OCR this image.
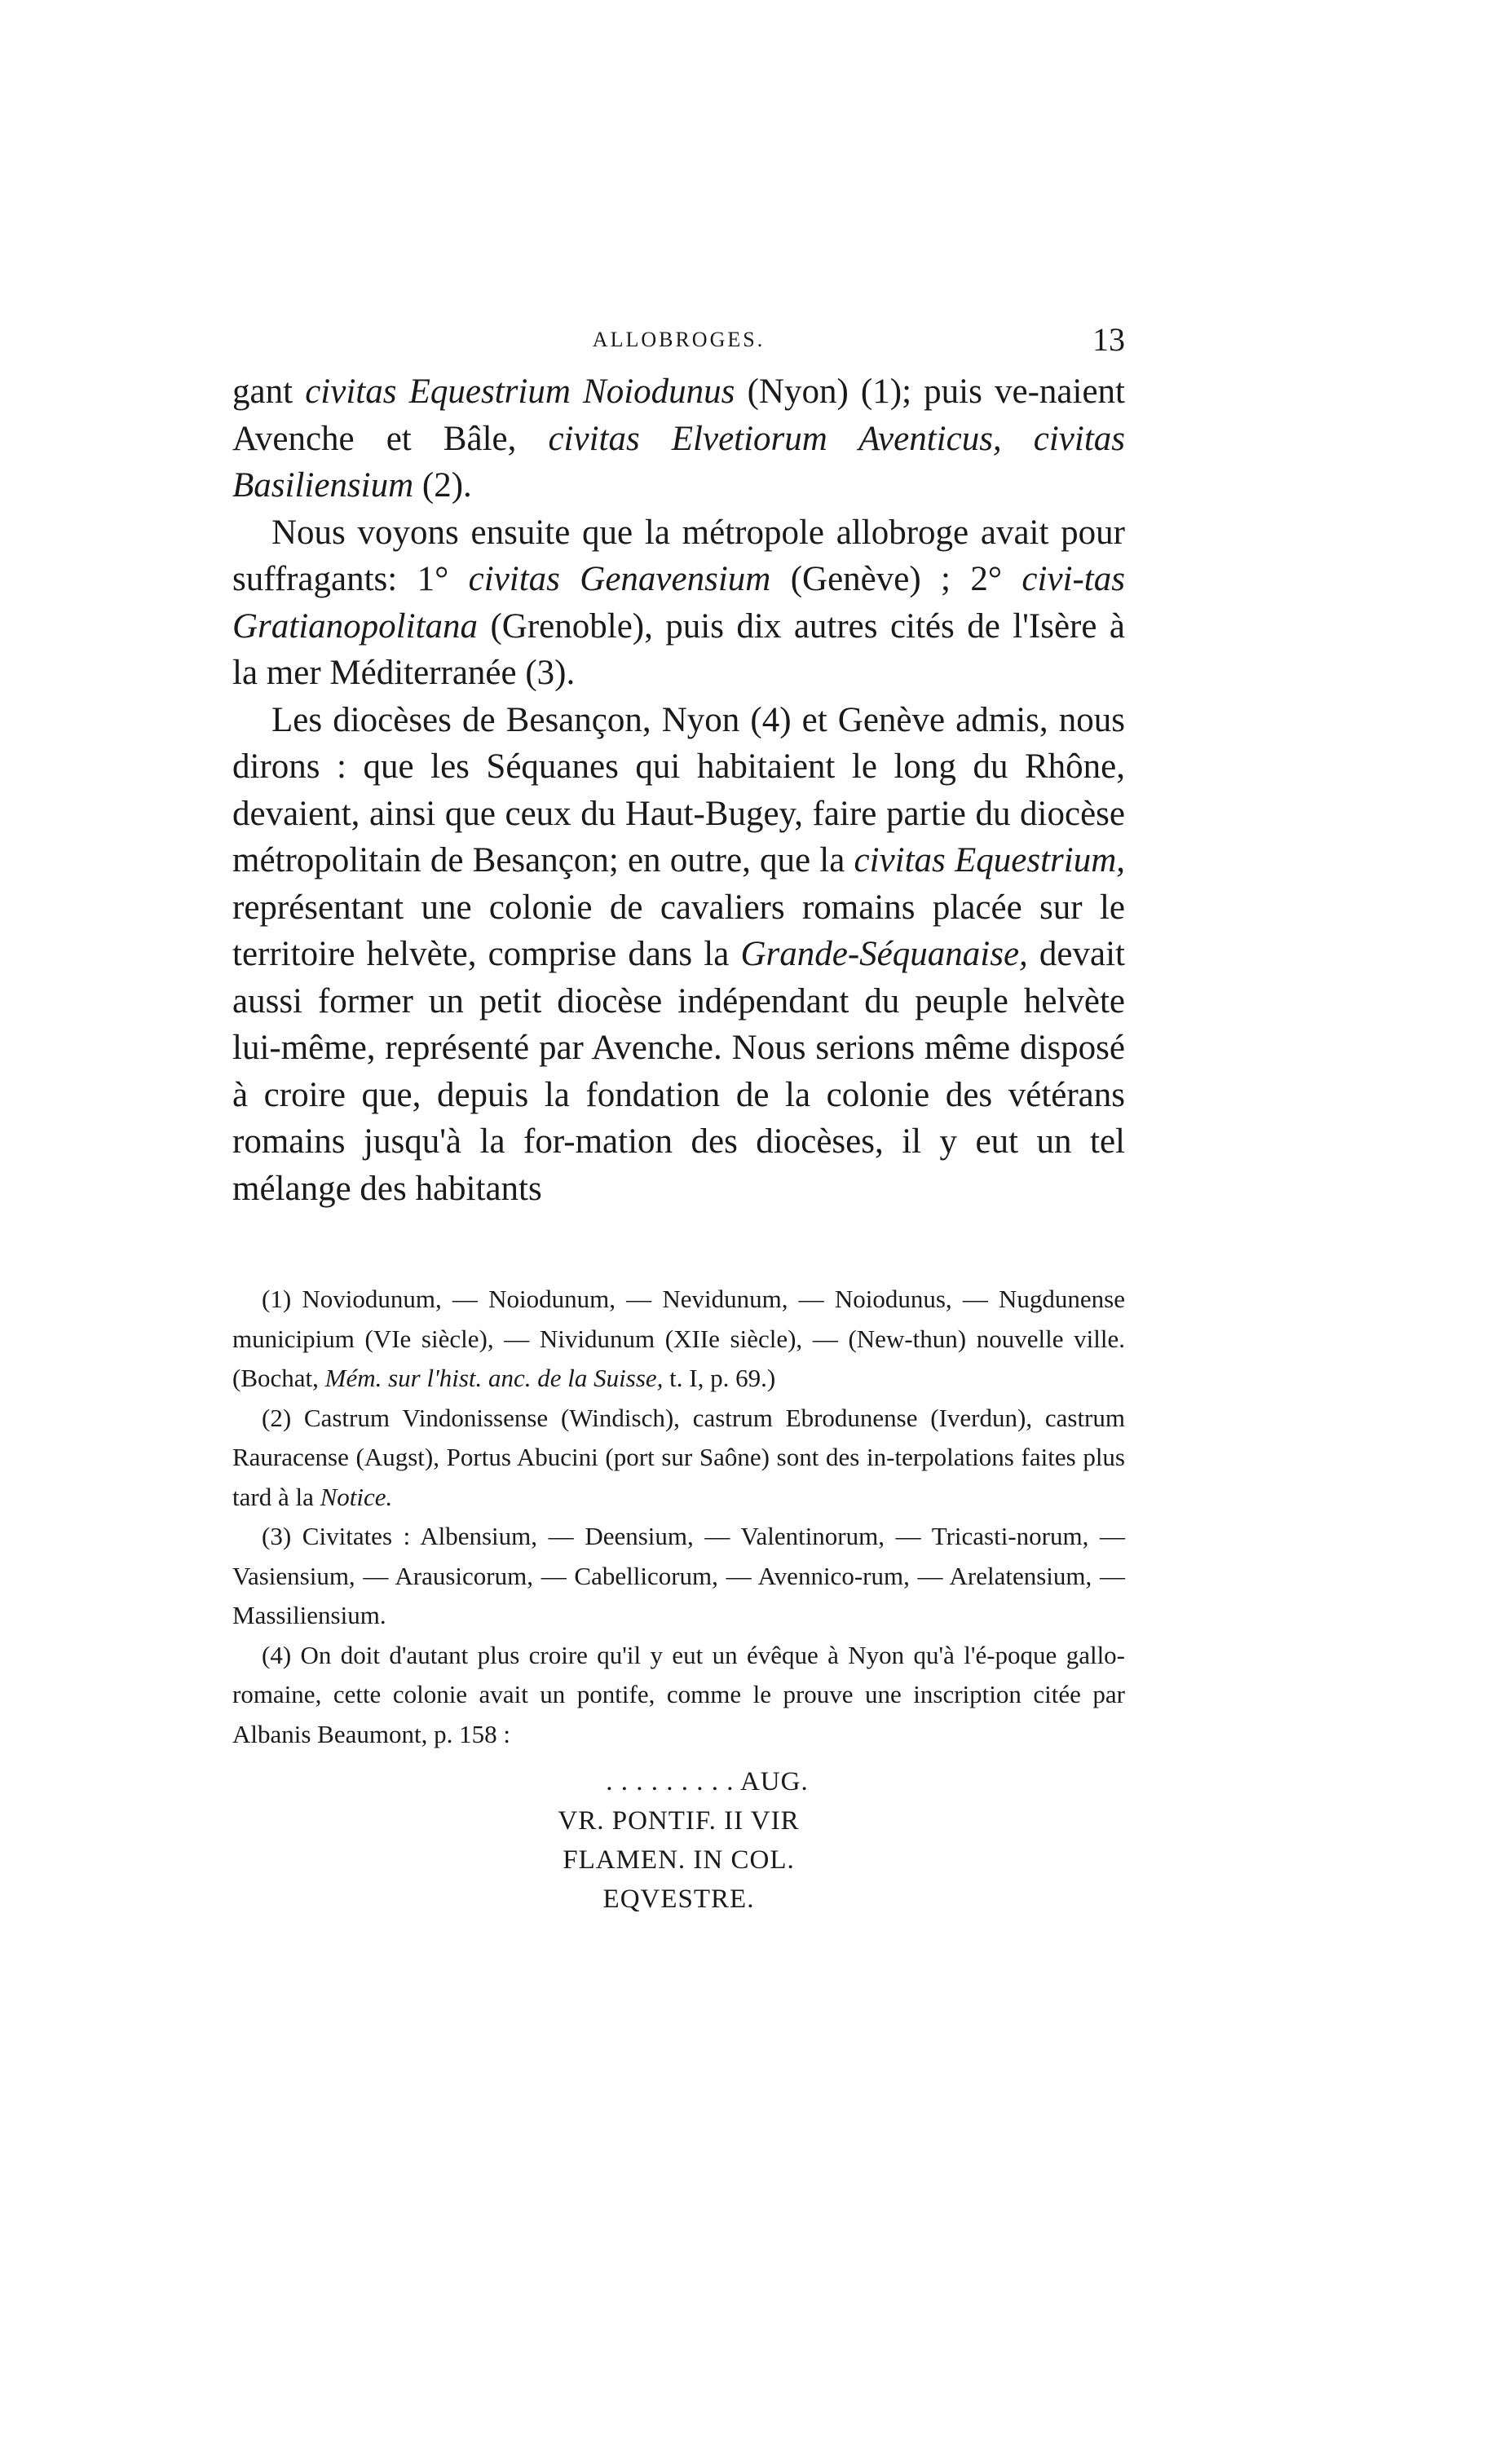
ALLOBROGES.	13

gant civitas Equestrium Noiodunus (Nyon) (1); puis ve-naient Avenche et Bâle, civitas Elvetiorum Aventicus, civitas Basiliensium (2).

Nous voyons ensuite que la métropole allobroge avait pour suffragants: 1° civitas Genavensium (Genève) ; 2° civi-tas Gratianopolitana (Grenoble), puis dix autres cités de l'Isère à la mer Méditerranée (3).

Les diocèses de Besançon, Nyon (4) et Genève admis, nous dirons : que les Séquanes qui habitaient le long du Rhône, devaient, ainsi que ceux du Haut-Bugey, faire partie du diocèse métropolitain de Besançon; en outre, que la civitas Equestrium, représentant une colonie de cavaliers romains placée sur le territoire helvète, comprise dans la Grande-Séquanaise, devait aussi former un petit diocèse indépendant du peuple helvète lui-même, représenté par Avenche. Nous serions même disposé à croire que, depuis la fondation de la colonie des vétérans romains jusqu'à la for-mation des diocèses, il y eut un tel mélange des habitants

(1) Noviodunum, — Noiodunum, — Nevidunum, — Noiodunus, — Nugdunense municipium (VIe siècle), — Nividunum (XIIe siècle), — (New-thun) nouvelle ville.(Bochat, Mém. sur l'hist. anc. de la Suisse, t. I, p. 69.)

(2) Castrum Vindonissense (Windisch), castrum Ebrodunense (Iverdun), castrum Rauracense (Augst), Portus Abucini (port sur Saône) sont des in-terpolations faites plus tard à la Notice.

(3) Civitates : Albensium, — Deensium, — Valentinorum, — Tricasti-norum, — Vasiensium, — Arausicorum, — Cabellicorum, — Avennico-rum, — Arelatensium, — Massiliensium.

(4) On doit d'autant plus croire qu'il y eut un évêque à Nyon qu'à l'é-poque gallo-romaine, cette colonie avait un pontife, comme le prouve une inscription citée par Albanis Beaumont, p. 158 :

. . . . . . . . . AUG.
VR. PONTIF. II VIR
FLAMEN. IN COL.
EQVESTRE.
